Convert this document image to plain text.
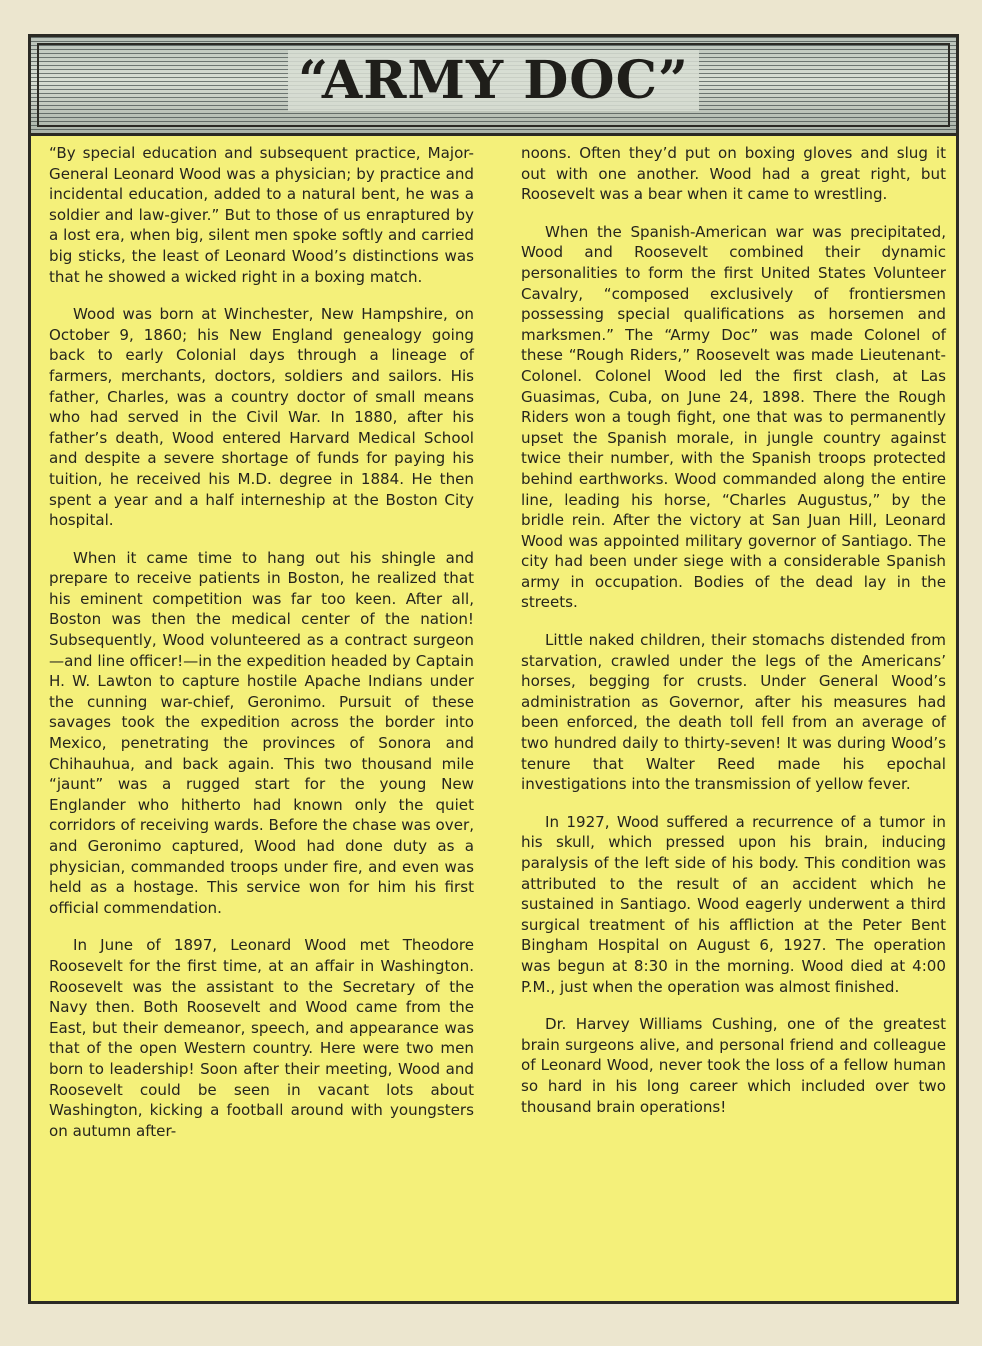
“ARMY DOC”

“By special education and subsequent practice, Major-General Leonard Wood was a physician; by practice and incidental education, added to a natural bent, he was a soldier and law-giver.” But to those of us enraptured by a lost era, when big, silent men spoke softly and carried big sticks, the least of Leonard Wood’s distinctions was that he showed a wicked right in a boxing match.

Wood was born at Winchester, New Hampshire, on October 9, 1860; his New England genealogy going back to early Colonial days through a lineage of farmers, merchants, doctors, soldiers and sailors. His father, Charles, was a country doctor of small means who had served in the Civil War. In 1880, after his father’s death, Wood entered Harvard Medical School and despite a severe shortage of funds for paying his tuition, he received his M.D. degree in 1884. He then spent a year and a half interneship at the Boston City hospital.

When it came time to hang out his shingle and prepare to receive patients in Boston, he realized that his eminent competition was far too keen. After all, Boston was then the medical center of the nation! Subsequently, Wood volunteered as a contract surgeon—and line officer!—in the expedition headed by Captain H. W. Lawton to capture hostile Apache Indians under the cunning war-chief, Geronimo. Pursuit of these savages took the expedition across the border into Mexico, penetrating the provinces of Sonora and Chihauhua, and back again. This two thousand mile “jaunt” was a rugged start for the young New Englander who hitherto had known only the quiet corridors of receiving wards. Before the chase was over, and Geronimo captured, Wood had done duty as a physician, commanded troops under fire, and even was held as a hostage. This service won for him his first official commendation.

In June of 1897, Leonard Wood met Theodore Roosevelt for the first time, at an affair in Washington. Roosevelt was the assistant to the Secretary of the Navy then. Both Roosevelt and Wood came from the East, but their demeanor, speech, and appearance was that of the open Western country. Here were two men born to leadership! Soon after their meeting, Wood and Roosevelt could be seen in vacant lots about Washington, kicking a football around with youngsters on autumn after-

noons. Often they’d put on boxing gloves and slug it out with one another. Wood had a great right, but Roosevelt was a bear when it came to wrestling.

When the Spanish-American war was precipitated, Wood and Roosevelt combined their dynamic personalities to form the first United States Volunteer Cavalry, “composed exclusively of frontiersmen possessing special qualifications as horsemen and marksmen.” The “Army Doc” was made Colonel of these “Rough Riders,” Roosevelt was made Lieutenant-Colonel. Colonel Wood led the first clash, at Las Guasimas, Cuba, on June 24, 1898. There the Rough Riders won a tough fight, one that was to permanently upset the Spanish morale, in jungle country against twice their number, with the Spanish troops protected behind earthworks. Wood commanded along the entire line, leading his horse, “Charles Augustus,” by the bridle rein. After the victory at San Juan Hill, Leonard Wood was appointed military governor of Santiago. The city had been under siege with a considerable Spanish army in occupation. Bodies of the dead lay in the streets.

Little naked children, their stomachs distended from starvation, crawled under the legs of the Americans’ horses, begging for crusts. Under General Wood’s administration as Governor, after his measures had been enforced, the death toll fell from an average of two hundred daily to thirty-seven! It was during Wood’s tenure that Walter Reed made his epochal investigations into the transmission of yellow fever.

In 1927, Wood suffered a recurrence of a tumor in his skull, which pressed upon his brain, inducing paralysis of the left side of his body. This condition was attributed to the result of an accident which he sustained in Santiago. Wood eagerly underwent a third surgical treatment of his affliction at the Peter Bent Bingham Hospital on August 6, 1927. The operation was begun at 8:30 in the morning. Wood died at 4:00 P.M., just when the operation was almost finished.

Dr. Harvey Williams Cushing, one of the greatest brain surgeons alive, and personal friend and colleague of Leonard Wood, never took the loss of a fellow human so hard in his long career which included over two thousand brain operations!
